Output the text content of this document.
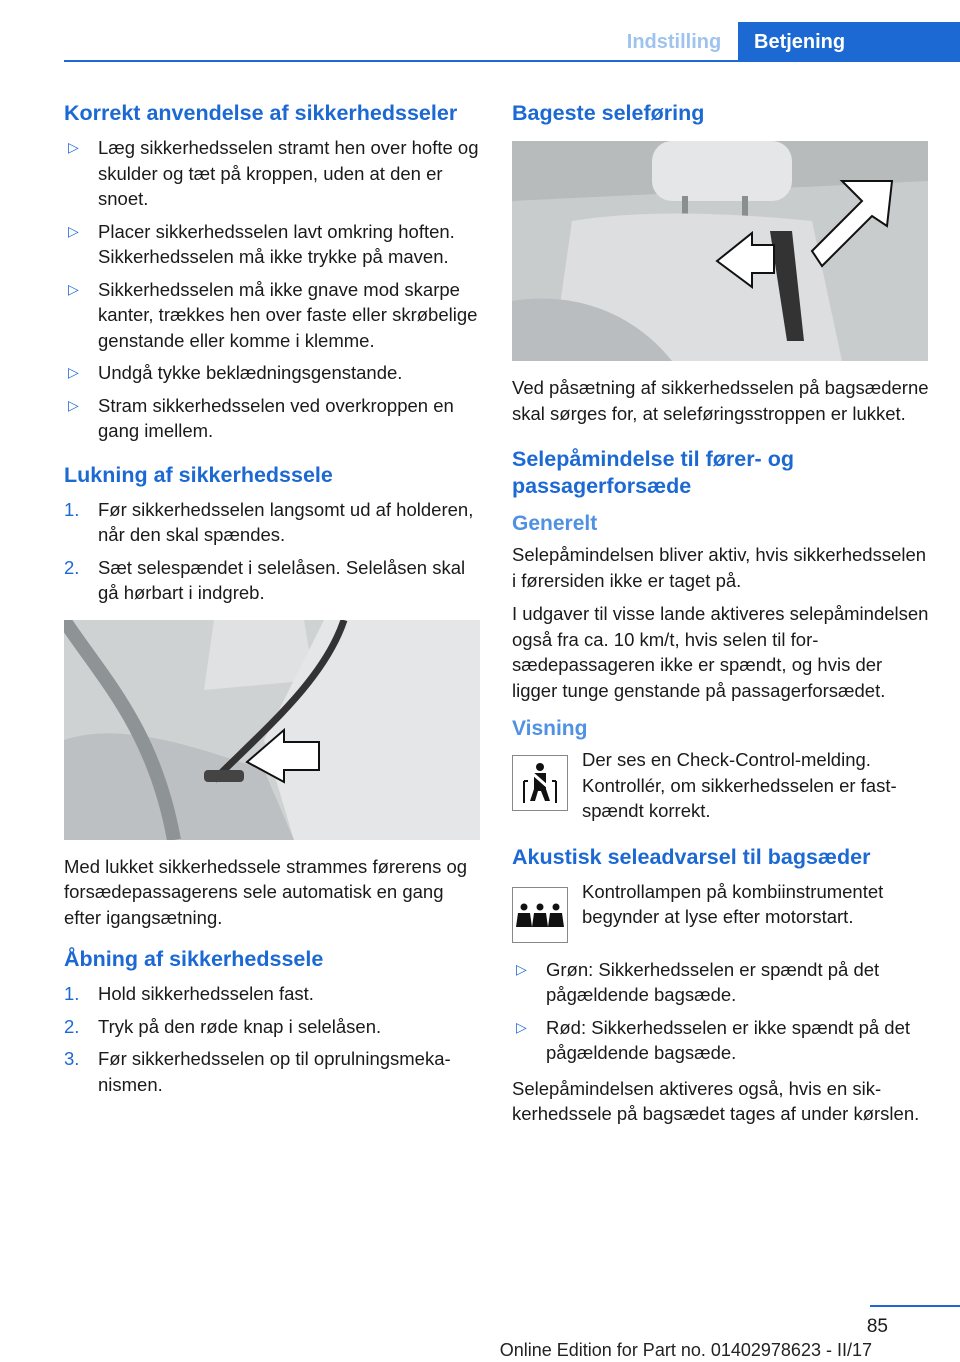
Indstilling	Betjening
Korrekt anvendelse af sikkerhedsseler
▷ Læg sikkerhedsselen stramt hen over hofte og skulder og tæt på kroppen, uden at den er snoet.
▷ Placer sikkerhedsselen lavt omkring hoften. Sikkerhedsselen må ikke trykke på maven.
▷ Sikkerhedsselen må ikke gnave mod skarpe kanter, trækkes hen over faste eller skrøbelige genstande eller komme i klemme.
▷ Undgå tykke beklædningsgenstande.
▷ Stram sikkerhedsselen ved overkroppen en gang imellem.
Lukning af sikkerhedssele
1. Før sikkerhedsselen langsomt ud af holderen, når den skal spændes.
2. Sæt selespændet i selelåsen. Selelåsen skal gå hørbart i indgreb.

Med lukket sikkerhedssele strammes førerens og forsædepassagerens sele automatisk en gang efter igangsætning.

Åbning af sikkerhedssele
1. Hold sikkerhedsselen fast.
2. Tryk på den røde knap i selelåsen.
3. Før sikkerhedsselen op til oprulningsmekanismen.
Bageste seleføring

Ved påsætning af sikkerhedsselen på bagsæderne skal sørges for, at seleføringsstroppen er lukket.

Selepåmindelse til fører- og passagerforsæde
Generelt

Selepåmindelsen bliver aktiv, hvis sikkerhedsselen i førersiden ikke er taget på.

I udgaver til visse lande aktiveres selepåmindelsen også fra ca. 10 km/t, hvis selen til forsædepassageren ikke er spændt, og hvis der ligger tunge genstande på passagerforsædet.

Visning

Der ses en Check-Control-melding. Kontrollér, om sikkerhedsselen er fastspændt korrekt.

Akustisk seleadvarsel til bagsæder

Kontrollampen på kombiinstrumentet begynder at lyse efter motorstart.

▷ Grøn: Sikkerhedsselen er spændt på det pågældende bagsæde.
▷ Rød: Sikkerhedsselen er ikke spændt på det pågældende bagsæde.

Selepåmindelsen aktiveres også, hvis en sikkerhedssele på bagsædet tages af under kørslen.

85
Online Edition for Part no. 01402978623 - II/17
